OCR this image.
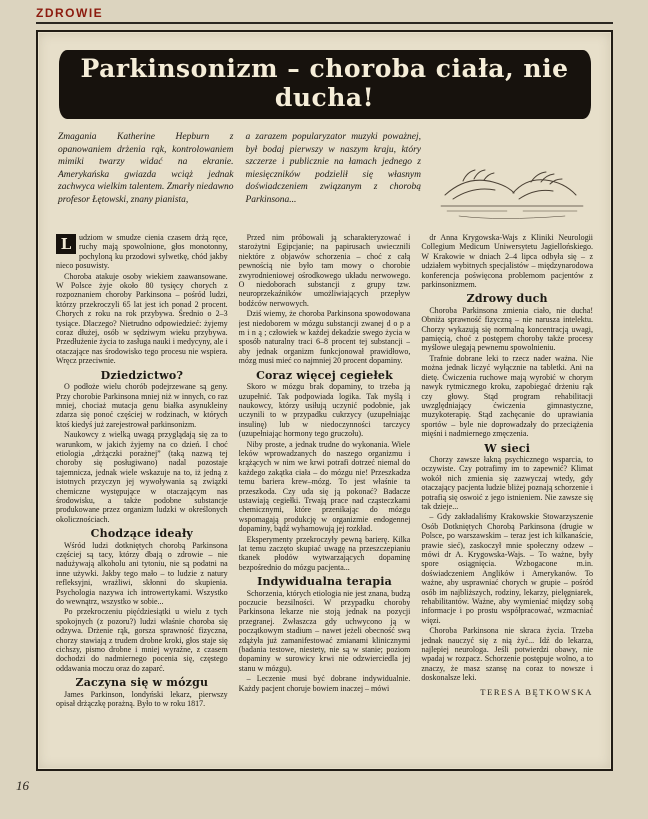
ZDROWIE
Parkinsonizm – choroba ciała, nie ducha!

Zmagania Katherine Hepburn z opanowaniem drżenia rąk, kontrolowaniem mimiki twarzy widać na ekranie. Amerykańska gwiazda wciąż jednak zachwyca wielkim talentem. Zmarły niedawno profesor Łętowski, znany pianista,

a zarazem popularyzator muzyki poważnej, był bodaj pierwszy w naszym kraju, który szczerze i publicznie na łamach jednego z miesięczników podzielił się własnym doświadczeniem związanym z chorobą Parkinsona...

L udziom w smudze cienia czasem drżą ręce, ruchy mają spowolnione, głos monotonny, pochyloną ku przodowi sylwetkę, chód jakby nieco posuwisty.

Choroba atakuje osoby wiekiem zaawansowane. W Polsce żyje około 80 tysięcy chorych z rozpoznaniem choroby Parkinsona – pośród ludzi, którzy przekroczyli 65 lat jest ich ponad 2 procent. Chorych z roku na rok przybywa. Średnio o 2–3 tysiące. Dlaczego? Nietrudno odpowiedzieć: żyjemy coraz dłużej, osób w sędziwym wieku przybywa. Przedłużenie życia to zasługa nauki i medycyny, ale i otaczające nas środowisko tego procesu nie wspiera. Wręcz przeciwnie.

Dziedzictwo?

O podłoże wielu chorób podejrzewane są geny. Przy chorobie Parkinsona mniej niż w innych, co raz mniej, chociaż mutacja genu białka asynukleiny zdarza się ponoć częściej w rodzinach, w których ktoś kiedyś już zarejestrował parkinsonizm.

Naukowcy z wielką uwagą przyglądają się za to warunkom, w jakich żyjemy na co dzień. I choć etiologia „drżączki porażnej” (taką nazwą tej choroby się posługiwano) nadal pozostaje tajemnicza, jednak wiele wskazuje na to, iż jedną z istotnych przyczyn jej wywoływania są związki chemiczne występujące w otaczającym nas środowisku, a także podobne substancje produkowane przez organizm ludzki w określonych okolicznościach.

Chodzące ideały

Wśród ludzi dotkniętych chorobą Parkinsona częściej są tacy, którzy dbają o zdrowie – nie nadużywają alkoholu ani tytoniu, nie są podatni na inne używki. Jakby tego mało – to ludzie z natury refleksyjni, wrażliwi, skłonni do skupienia. Psychologia nazywa ich introwertykami. Wszystko do wewnątrz, wszystko w sobie...

Po przekroczeniu pięćdziesiątki u wielu z tych spokojnych (z pozoru?) ludzi właśnie choroba się odzywa. Drżenie rąk, gorsza sprawność fizyczna, chorzy stawiają z trudem drobne kroki, głos staje się cichszy, pismo drobne i mniej wyraźne, z czasem dochodzi do nadmiernego pocenia się, częstego oddawania moczu oraz do zaparć.

Zaczyna się w mózgu

James Parkinson, londyński lekarz, pierwszy opisał drżączkę porażną. Było to w roku 1817.

Przed nim próbowali ją scharakteryzować i starożytni Egipcjanie; na papirusach uwiecznili niektóre z objawów schorzenia – choć z całą pewnością nie było tam mowy o chorobie zwyrodnieniowej ośrodkowego układu nerwowego. O niedoborach substancji z grupy tzw. neuroprzekaźników umożliwiających przepływ bodźców nerwowych.

Dziś wiemy, że choroba Parkinsona spowodowana jest niedoborem w mózgu substancji zwanej d o p a m i n ą ; człowiek w każdej dekadzie swego życia w sposób naturalny traci 6–8 procent tej substancji – aby jednak organizm funkcjonował prawidłowo, mózg musi mieć co najmniej 20 procent dopaminy.

Coraz więcej cegiełek

Skoro w mózgu brak dopaminy, to trzeba ją uzupełnić. Tak podpowiada logika. Tak myślą i naukowcy, którzy usiłują uczynić podobnie, jak uczynili to w przypadku cukrzycy (uzupełniając insulinę) lub w niedoczynności tarczycy (uzupełniając hormony tego gruczołu).

Niby proste, a jednak trudne do wykonania. Wiele leków wprowadzanych do naszego organizmu i krążących w nim we krwi potrafi dotrzeć niemal do każdego zakątka ciała – do mózgu nie! Przeszkadza temu bariera krew–mózg. To jest właśnie ta przeszkoda. Czy uda się ją pokonać? Badacze ustawiają cegiełki. Trwają prace nad cząsteczkami chemicznymi, które przenikając do mózgu wspomagają produkcję w organizmie endogennej dopaminy, bądź wyhamowują jej rozkład.

Eksperymenty przekroczyły pewną barierę. Kilka lat temu zaczęto skupiać uwagę na przeszczepianiu tkanek płodów wytwarzających dopaminę bezpośrednio do mózgu pacjenta...

Indywidualna terapia

Schorzenia, których etiologia nie jest znana, budzą poczucie bezsilności. W przypadku choroby Parkinsona lekarze nie stoją jednak na pozycji przegranej. Zwłaszcza gdy uchwycono ją w początkowym stadium – nawet jeżeli obecność swą zdążyła już zamanifestować zmianami klinicznymi (badania testowe, niestety, nie są w stanie; poziom dopaminy w surowicy krwi nie odzwierciedla jej stanu w mózgu).

– Leczenie musi być dobrane indywidualnie. Każdy pacjent choruje bowiem inaczej – mówi

dr Anna Krygowska-Wajs z Kliniki Neurologii Collegium Medicum Uniwersytetu Jagiellońskiego. W Krakowie w dniach 2–4 lipca odbyła się – z udziałem wybitnych specjalistów – międzynarodowa konferencja poświęcona problemom pacjentów z parkinsonizmem.

Zdrowy duch

Choroba Parkinsona zmienia ciało, nie ducha! Obniża sprawność fizyczną – nie narusza intelektu. Chorzy wykazują się normalną koncentracją uwagi, pamięcią, choć z postępem choroby także procesy myślowe ulegają pewnemu spowolnieniu.

Trafnie dobrane leki to rzecz nader ważna. Nie można jednak liczyć wyłącznie na tabletki. Ani na dietę. Ćwiczenia ruchowe mają wyrobić w chorym nawyk rytmicznego kroku, zapobiegać drżeniu rąk czy głowy. Stąd program rehabilitacji uwzględniający ćwiczenia gimnastyczne, muzykoterapię. Stąd zachęcanie do uprawiania sportów – byle nie doprowadzały do przeciążenia mięśni i nadmiernego zmęczenia.

W sieci

Chorzy zawsze łakną psychicznego wsparcia, to oczywiste. Czy potrafimy im to zapewnić? Klimat wokół nich zmienia się zazwyczaj wtedy, gdy otaczający pacjenta ludzie bliżej poznają schorzenie i potrafią się oswoić z jego istnieniem. Nie zawsze się tak dzieje...

– Gdy zakładaliśmy Krakowskie Stowarzyszenie Osób Dotkniętych Chorobą Parkinsona (drugie w Polsce, po warszawskim – teraz jest ich kilkanaście, prawie sieć), zaskoczył mnie społeczny odzew – mówi dr A. Krygowska-Wajs. – To ważne, były spore osiągnięcia. Wzbogacone m.in. doświadczeniem Anglików i Amerykanów. To ważne, aby usprawniać chorych w grupie – pośród osób im najbliższych, rodziny, lekarzy, pielęgniarek, rehabilitantów. Ważne, aby wymieniać między sobą informacje i po prostu współpracować, wzmacniać więzi.

Choroba Parkinsona nie skraca życia. Trzeba jednak nauczyć się z nią żyć... Idź do lekarza, najlepiej neurologa. Jeśli potwierdzi obawy, nie wpadaj w rozpacz. Schorzenie postępuje wolno, a to znaczy, że masz szansę na coraz to nowsze i doskonalsze leki.

TERESA BĘTKOWSKA
16
